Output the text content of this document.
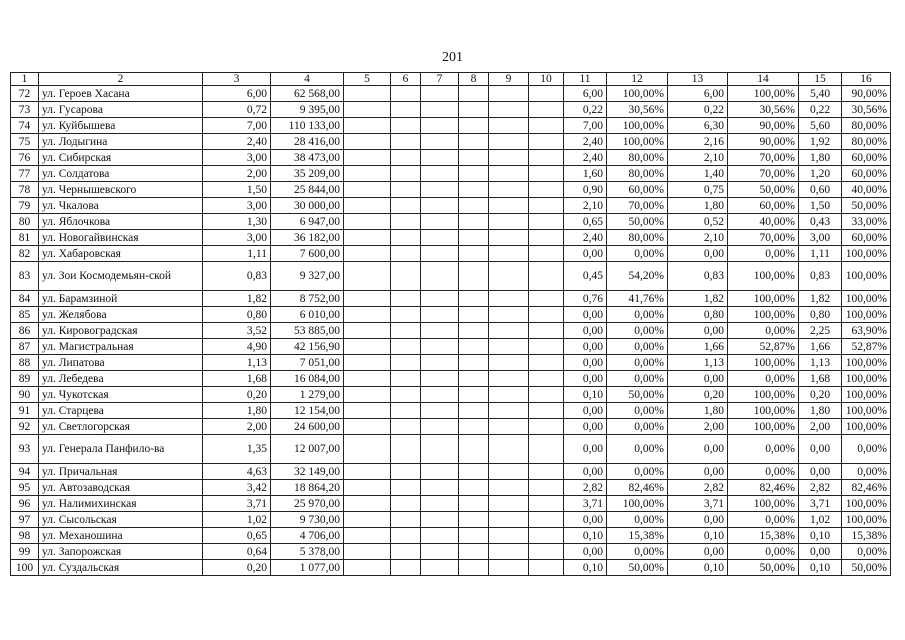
201
1	2	3	4	5	6	7	8	9	10	11	12	13	14	15	16
72	ул. Героев Хасана	6,00	62 568,00							6,00	100,00%	6,00	100,00%	5,40	90,00%
73	ул. Гусарова	0,72	9 395,00							0,22	30,56%	0,22	30,56%	0,22	30,56%
74	ул. Куйбышева	7,00	110 133,00							7,00	100,00%	6,30	90,00%	5,60	80,00%
75	ул. Лодыгина	2,40	28 416,00							2,40	100,00%	2,16	90,00%	1,92	80,00%
76	ул. Сибирская	3,00	38 473,00							2,40	80,00%	2,10	70,00%	1,80	60,00%
77	ул. Солдатова	2,00	35 209,00							1,60	80,00%	1,40	70,00%	1,20	60,00%
78	ул. Чернышевского	1,50	25 844,00							0,90	60,00%	0,75	50,00%	0,60	40,00%
79	ул. Чкалова	3,00	30 000,00							2,10	70,00%	1,80	60,00%	1,50	50,00%
80	ул. Яблочкова	1,30	6 947,00							0,65	50,00%	0,52	40,00%	0,43	33,00%
81	ул. Новогайвинская	3,00	36 182,00							2,40	80,00%	2,10	70,00%	3,00	60,00%
82	ул. Хабаровская	1,11	7 600,00							0,00	0,00%	0,00	0,00%	1,11	100,00%
83	ул. Зои Космодемьян-ской	0,83	9 327,00							0,45	54,20%	0,83	100,00%	0,83	100,00%
84	ул. Барамзиной	1,82	8 752,00							0,76	41,76%	1,82	100,00%	1,82	100,00%
85	ул. Желябова	0,80	6 010,00							0,00	0,00%	0,80	100,00%	0,80	100,00%
86	ул. Кировоградская	3,52	53 885,00							0,00	0,00%	0,00	0,00%	2,25	63,90%
87	ул. Магистральная	4,90	42 156,90							0,00	0,00%	1,66	52,87%	1,66	52,87%
88	ул. Липатова	1,13	7 051,00							0,00	0,00%	1,13	100,00%	1,13	100,00%
89	ул. Лебедева	1,68	16 084,00							0,00	0,00%	0,00	0,00%	1,68	100,00%
90	ул. Чукотская	0,20	1 279,00							0,10	50,00%	0,20	100,00%	0,20	100,00%
91	ул. Старцева	1,80	12 154,00							0,00	0,00%	1,80	100,00%	1,80	100,00%
92	ул. Светлогорская	2,00	24 600,00							0,00	0,00%	2,00	100,00%	2,00	100,00%
93	ул. Генерала Панфило-ва	1,35	12 007,00							0,00	0,00%	0,00	0,00%	0,00	0,00%
94	ул. Причальная	4,63	32 149,00							0,00	0,00%	0,00	0,00%	0,00	0,00%
95	ул. Автозаводская	3,42	18 864,20							2,82	82,46%	2,82	82,46%	2,82	82,46%
96	ул. Налимихинская	3,71	25 970,00							3,71	100,00%	3,71	100,00%	3,71	100,00%
97	ул. Сысольская	1,02	9 730,00							0,00	0,00%	0,00	0,00%	1,02	100,00%
98	ул. Механошина	0,65	4 706,00							0,10	15,38%	0,10	15,38%	0,10	15,38%
99	ул. Запорожская	0,64	5 378,00							0,00	0,00%	0,00	0,00%	0,00	0,00%
100	ул. Суздальская	0,20	1 077,00							0,10	50,00%	0,10	50,00%	0,10	50,00%
